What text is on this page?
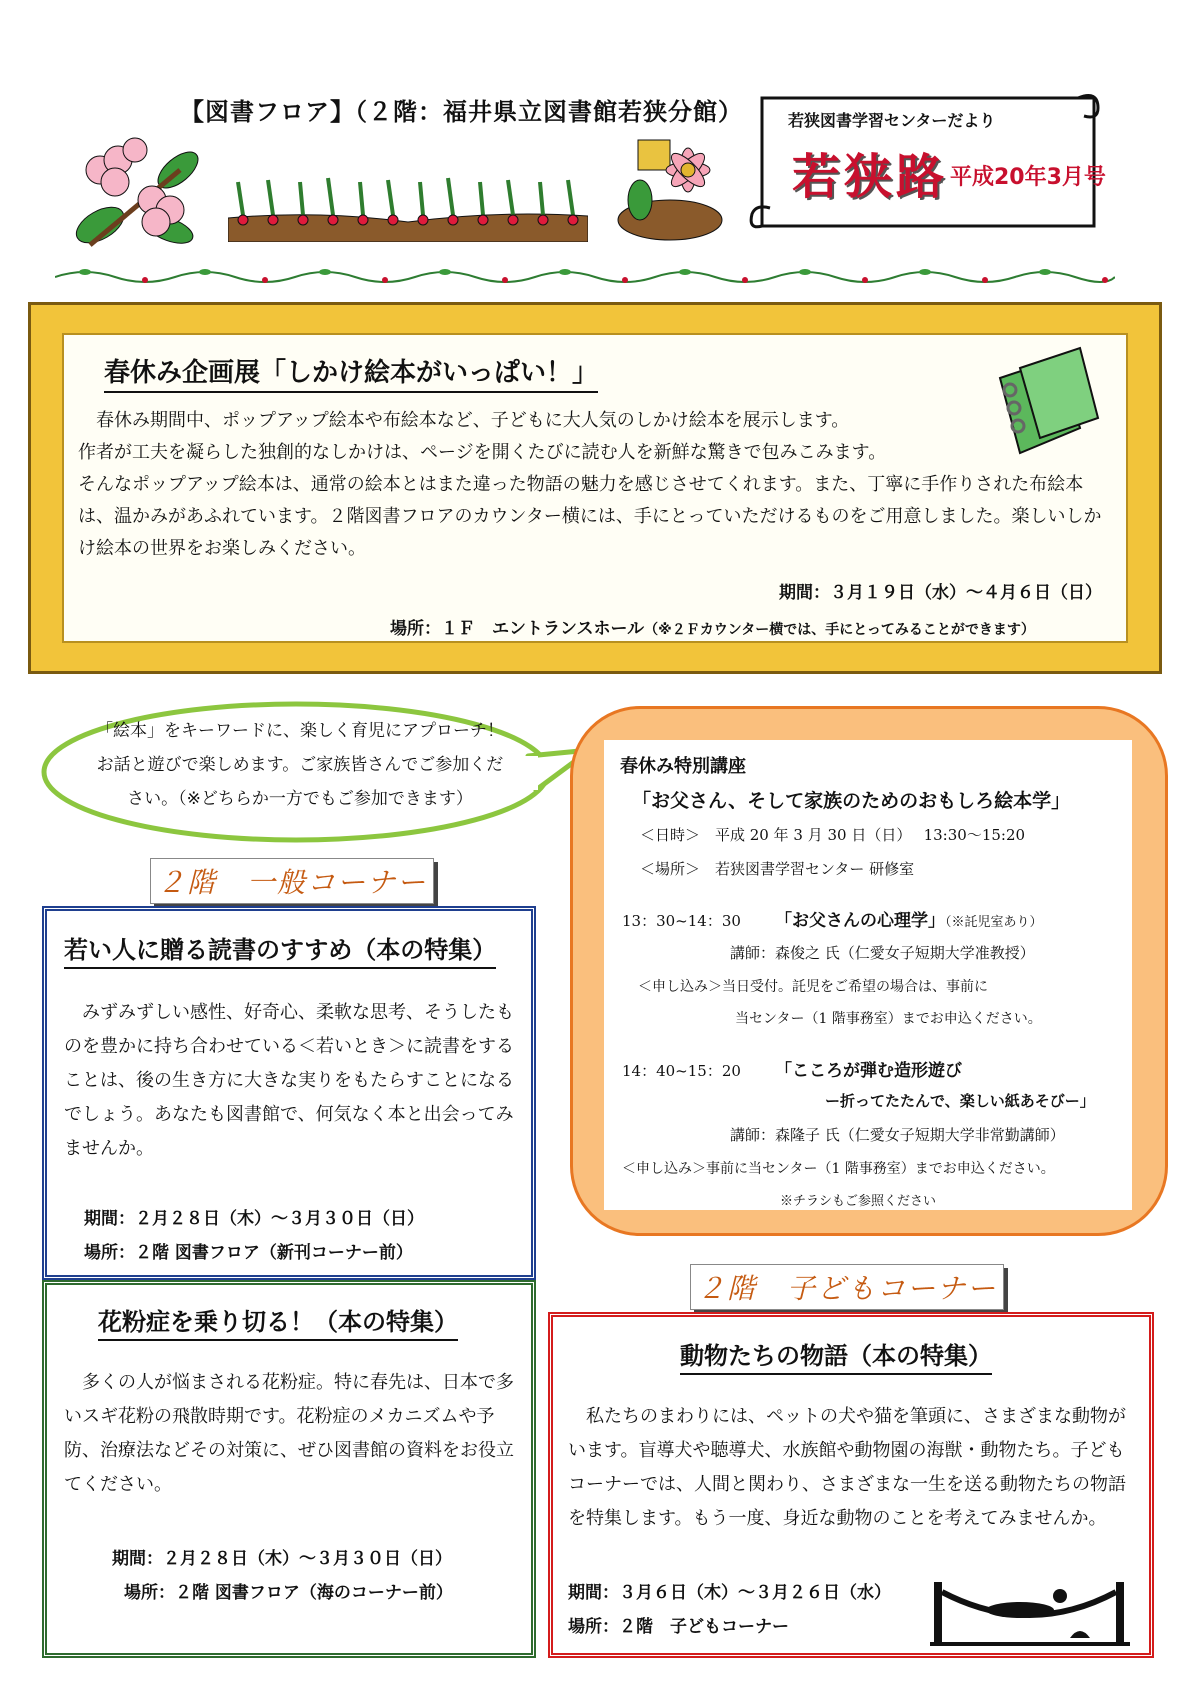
【図書フロア】（２階：福井県立図書館若狭分館）	若狭図書学習センターだより
若狭路 平成20年3月号
春休み企画展「しかけ絵本がいっぱい！」

　春休み期間中、ポップアップ絵本や布絵本など、子どもに大人気のしかけ絵本を展示します。

作者が工夫を凝らした独創的なしかけは、ページを開くたびに読む人を新鮮な驚きで包みこみます。

そんなポップアップ絵本は、通常の絵本とはまた違った物語の魅力を感じさせてくれます。また、丁寧に手作りされた布絵本は、温かみがあふれています。２階図書フロアのカウンター横には、手にとっていただけるものをご用意しました。楽しいしかけ絵本の世界をお楽しみください。

期間：３月１９日（水）～４月６日（日）
場所：１Ｆ　エントランスホール（※２Ｆカウンター横では、手にとってみることができます）
「絵本」をキーワードに、楽しく育児にアプローチ！
お話と遊びで楽しめます。ご家族皆さんでご参加くだ
さい。（※どちらか一方でもご参加できます）
２階　一般コーナー
２階　子どもコーナー
春休み特別講座
「お父さん、そして家族のためのおもしろ絵本学」
＜日時＞　平成 20 年 3 月 30 日（日）　 13:30～15:20
＜場所＞　若狭図書学習センター 研修室
13：30~14：30 「お父さんの心理学」（※託児室あり）
講師：森俊之 氏（仁愛女子短期大学准教授）
＜申し込み＞当日受付。託児をご希望の場合は、事前に
当センター（1 階事務室）までお申込ください。
14：40~15：20 「こころが弾む造形遊び
ー折ってたたんで、楽しい紙あそびー」
講師：森隆子 氏（仁愛女子短期大学非常勤講師）
＜申し込み＞事前に当センター（1 階事務室）までお申込ください。
※チラシもご参照ください
若い人に贈る読書のすすめ（本の特集）
　みずみずしい感性、好奇心、柔軟な思考、そうしたものを豊かに持ち合わせている＜若いとき＞に読書をすることは、後の生き方に大きな実りをもたらすことになるでしょう。あなたも図書館で、何気なく本と出会ってみませんか。
期間：２月２８日（木）～３月３０日（日）
場所：２階 図書フロア（新刊コーナー前）
花粉症を乗り切る！（本の特集）
　多くの人が悩まされる花粉症。特に春先は、日本で多いスギ花粉の飛散時期です。花粉症のメカニズムや予防、治療法などその対策に、ぜひ図書館の資料をお役立てください。
期間：２月２８日（木）～３月３０日（日）
場所：２階 図書フロア（海のコーナー前）
動物たちの物語（本の特集）
　私たちのまわりには、ペットの犬や猫を筆頭に、さまざまな動物がいます。盲導犬や聴導犬、水族館や動物園の海獣・動物たち。子どもコーナーでは、人間と関わり、さまざまな一生を送る動物たちの物語を特集します。もう一度、身近な動物のことを考えてみませんか。
期間：３月６日（木）～３月２６日（水）
場所：２階　子どもコーナー
